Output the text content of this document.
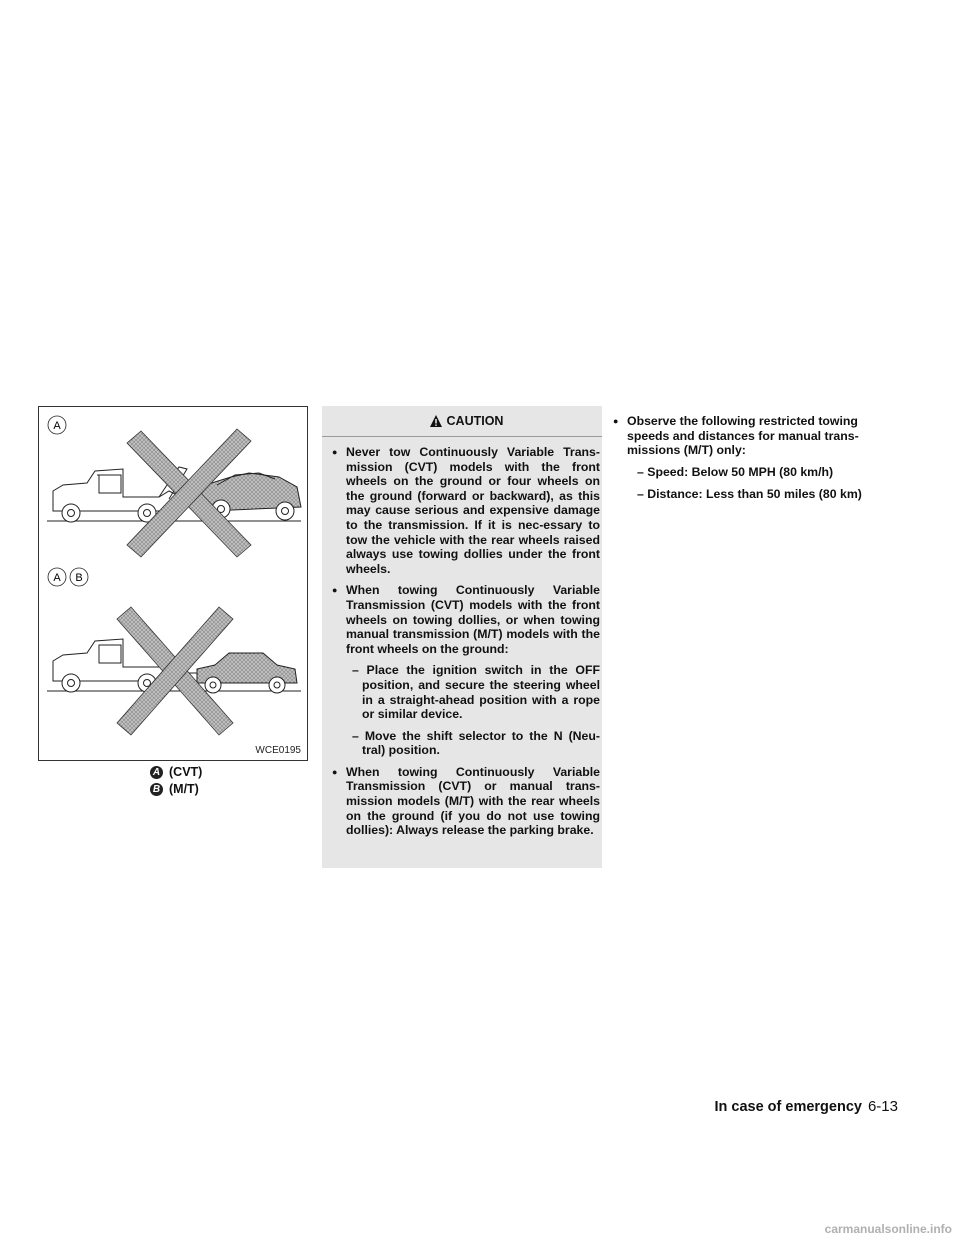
A
A B
WCE0195
A (CVT)
B (M/T)
CAUTION
● Never tow Continuously Variable Trans-mission (CVT) models with the front wheels on the ground or four wheels on the ground (forward or backward), as this may cause serious and expensive damage to the transmission. If it is nec-essary to tow the vehicle with the rear wheels raised always use towing dollies under the front wheels.
● When towing Continuously Variable Transmission (CVT) models with the front wheels on towing dollies, or when towing manual transmission (M/T) models with the front wheels on the ground:
– Place the ignition switch in the OFF position, and secure the steering wheel in a straight-ahead position with a rope or similar device.
– Move the shift selector to the N (Neu-tral) position.
● When towing Continuously Variable Transmission (CVT) or manual trans-mission models (M/T) with the rear wheels on the ground (if you do not use towing dollies): Always release the parking brake.
● Observe the following restricted towing speeds and distances for manual trans-missions (M/T) only:
– Speed: Below 50 MPH (80 km/h)
– Distance: Less than 50 miles (80 km)
In case of emergency 6-13
carmanualsonline.info
